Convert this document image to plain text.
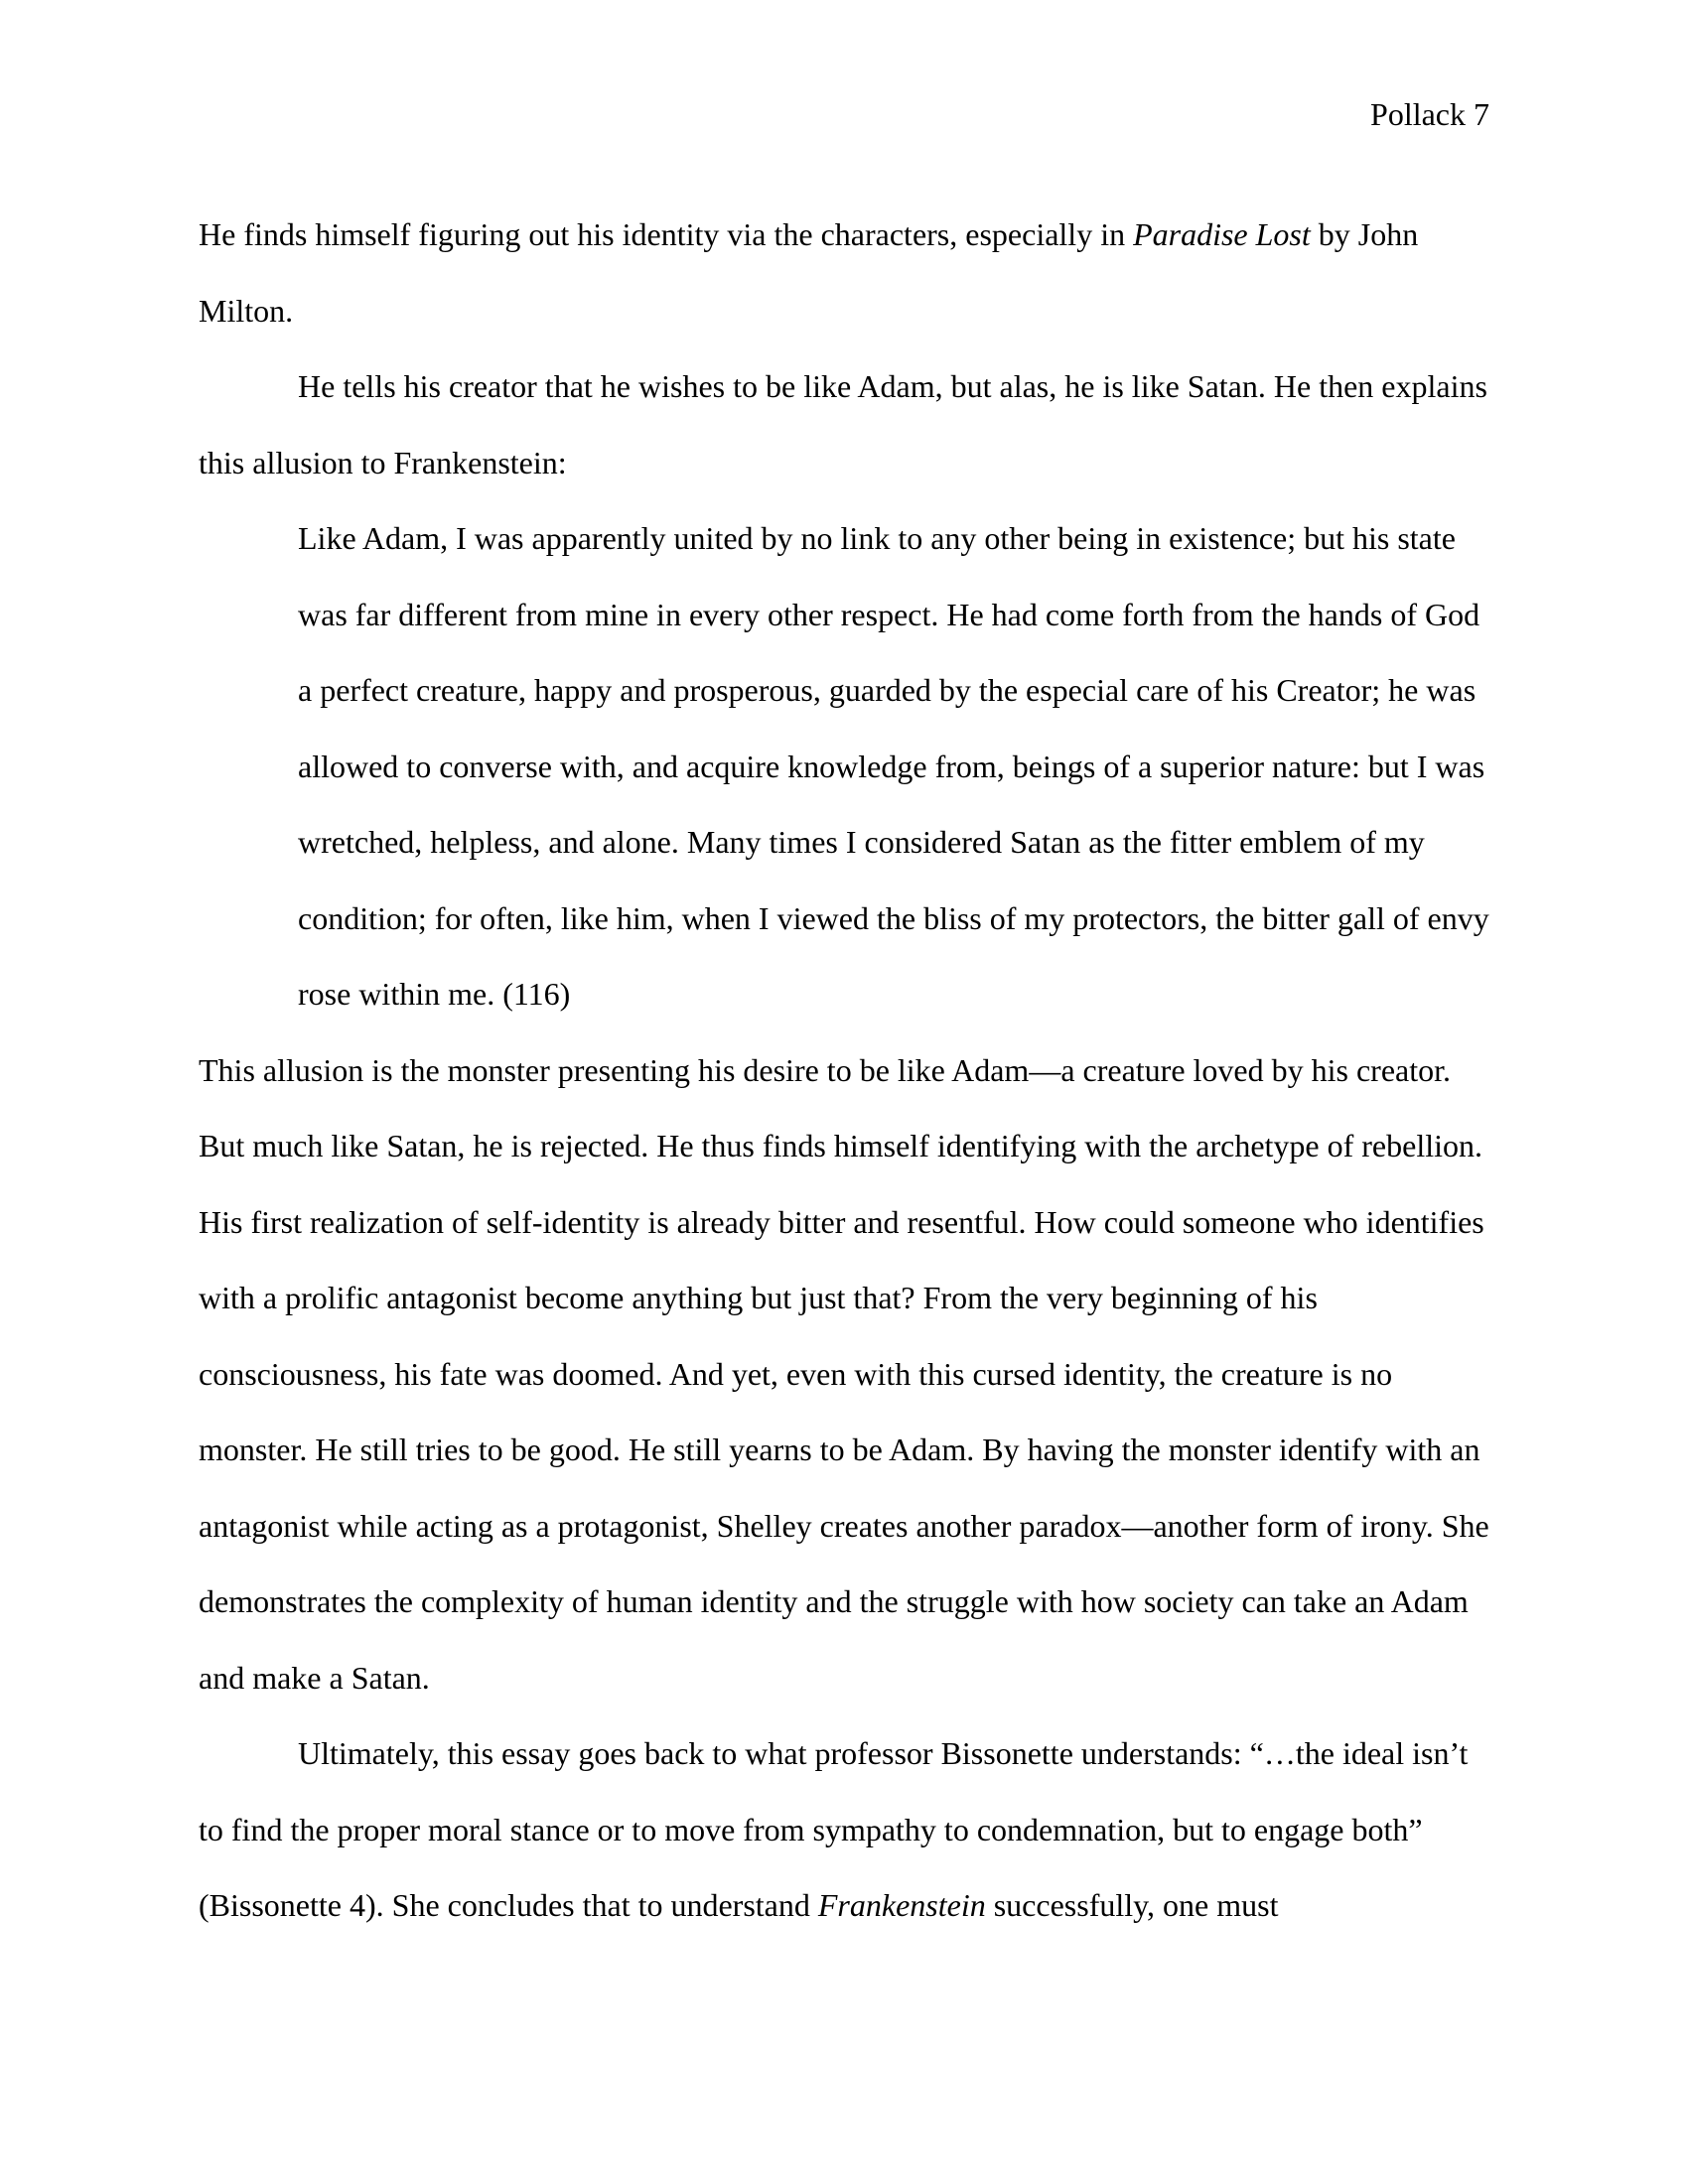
Pollack 7

He finds himself figuring out his identity via the characters, especially in Paradise Lost by John Milton.

He tells his creator that he wishes to be like Adam, but alas, he is like Satan. He then explains this allusion to Frankenstein:

Like Adam, I was apparently united by no link to any other being in existence; but his state was far different from mine in every other respect. He had come forth from the hands of God a perfect creature, happy and prosperous, guarded by the especial care of his Creator; he was allowed to converse with, and acquire knowledge from, beings of a superior nature: but I was wretched, helpless, and alone. Many times I considered Satan as the fitter emblem of my condition; for often, like him, when I viewed the bliss of my protectors, the bitter gall of envy rose within me. (116)

This allusion is the monster presenting his desire to be like Adam—a creature loved by his creator. But much like Satan, he is rejected. He thus finds himself identifying with the archetype of rebellion. His first realization of self-identity is already bitter and resentful. How could someone who identifies with a prolific antagonist become anything but just that? From the very beginning of his consciousness, his fate was doomed. And yet, even with this cursed identity, the creature is no monster. He still tries to be good. He still yearns to be Adam. By having the monster identify with an antagonist while acting as a protagonist, Shelley creates another paradox—another form of irony. She demonstrates the complexity of human identity and the struggle with how society can take an Adam and make a Satan.

Ultimately, this essay goes back to what professor Bissonette understands: “…the ideal isn’t to find the proper moral stance or to move from sympathy to condemnation, but to engage both” (Bissonette 4). She concludes that to understand Frankenstein successfully, one must
